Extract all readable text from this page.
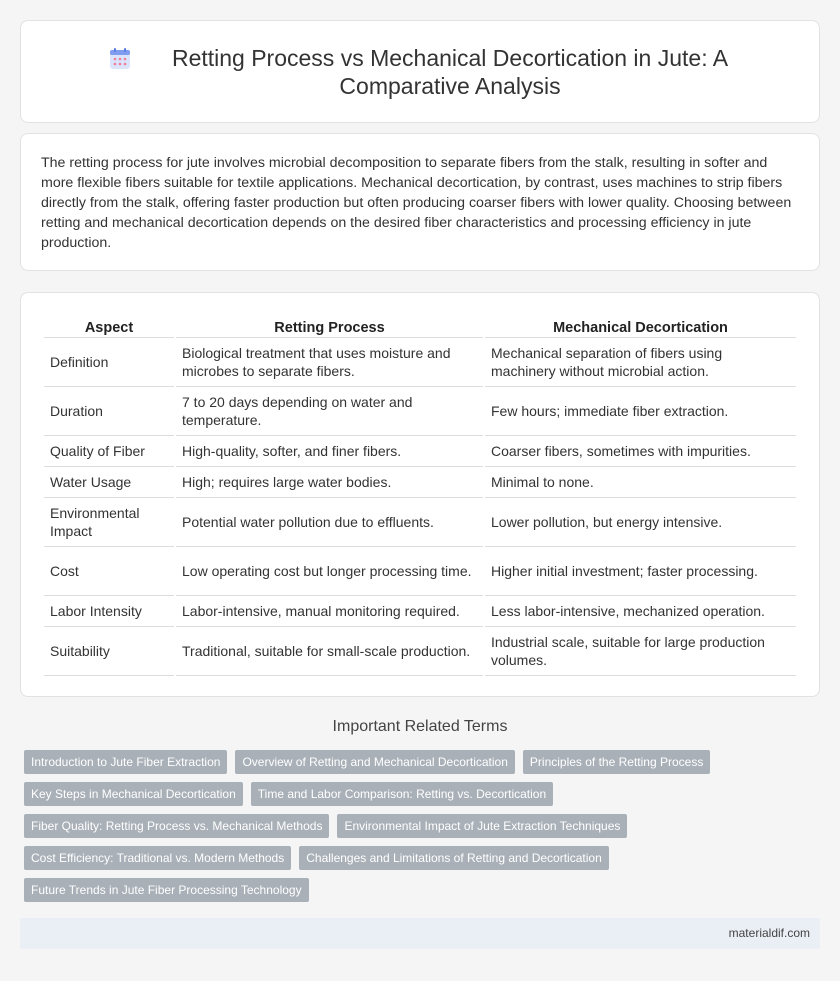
Retting Process vs Mechanical Decortication in Jute: A Comparative Analysis

The retting process for jute involves microbial decomposition to separate fibers from the stalk, resulting in softer and more flexible fibers suitable for textile applications. Mechanical decortication, by contrast, uses machines to strip fibers directly from the stalk, offering faster production but often producing coarser fibers with lower quality. Choosing between retting and mechanical decortication depends on the desired fiber characteristics and processing efficiency in jute production.

Aspect	Retting Process	Mechanical Decortication
Definition	Biological treatment that uses moisture and microbes to separate fibers.	Mechanical separation of fibers using machinery without microbial action.
Duration	7 to 20 days depending on water and temperature.	Few hours; immediate fiber extraction.
Quality of Fiber	High-quality, softer, and finer fibers.	Coarser fibers, sometimes with impurities.
Water Usage	High; requires large water bodies.	Minimal to none.
Environmental Impact	Potential water pollution due to effluents.	Lower pollution, but energy intensive.
Cost	Low operating cost but longer processing time.	Higher initial investment; faster processing.
Labor Intensity	Labor-intensive, manual monitoring required.	Less labor-intensive, mechanized operation.
Suitability	Traditional, suitable for small-scale production.	Industrial scale, suitable for large production volumes.
Important Related Terms
Introduction to Jute Fiber Extraction	Overview of Retting and Mechanical Decortication	Principles of the Retting Process
Key Steps in Mechanical Decortication	Time and Labor Comparison: Retting vs. Decortication
Fiber Quality: Retting Process vs. Mechanical Methods	Environmental Impact of Jute Extraction Techniques
Cost Efficiency: Traditional vs. Modern Methods	Challenges and Limitations of Retting and Decortication
Future Trends in Jute Fiber Processing Technology
materialdif.com
